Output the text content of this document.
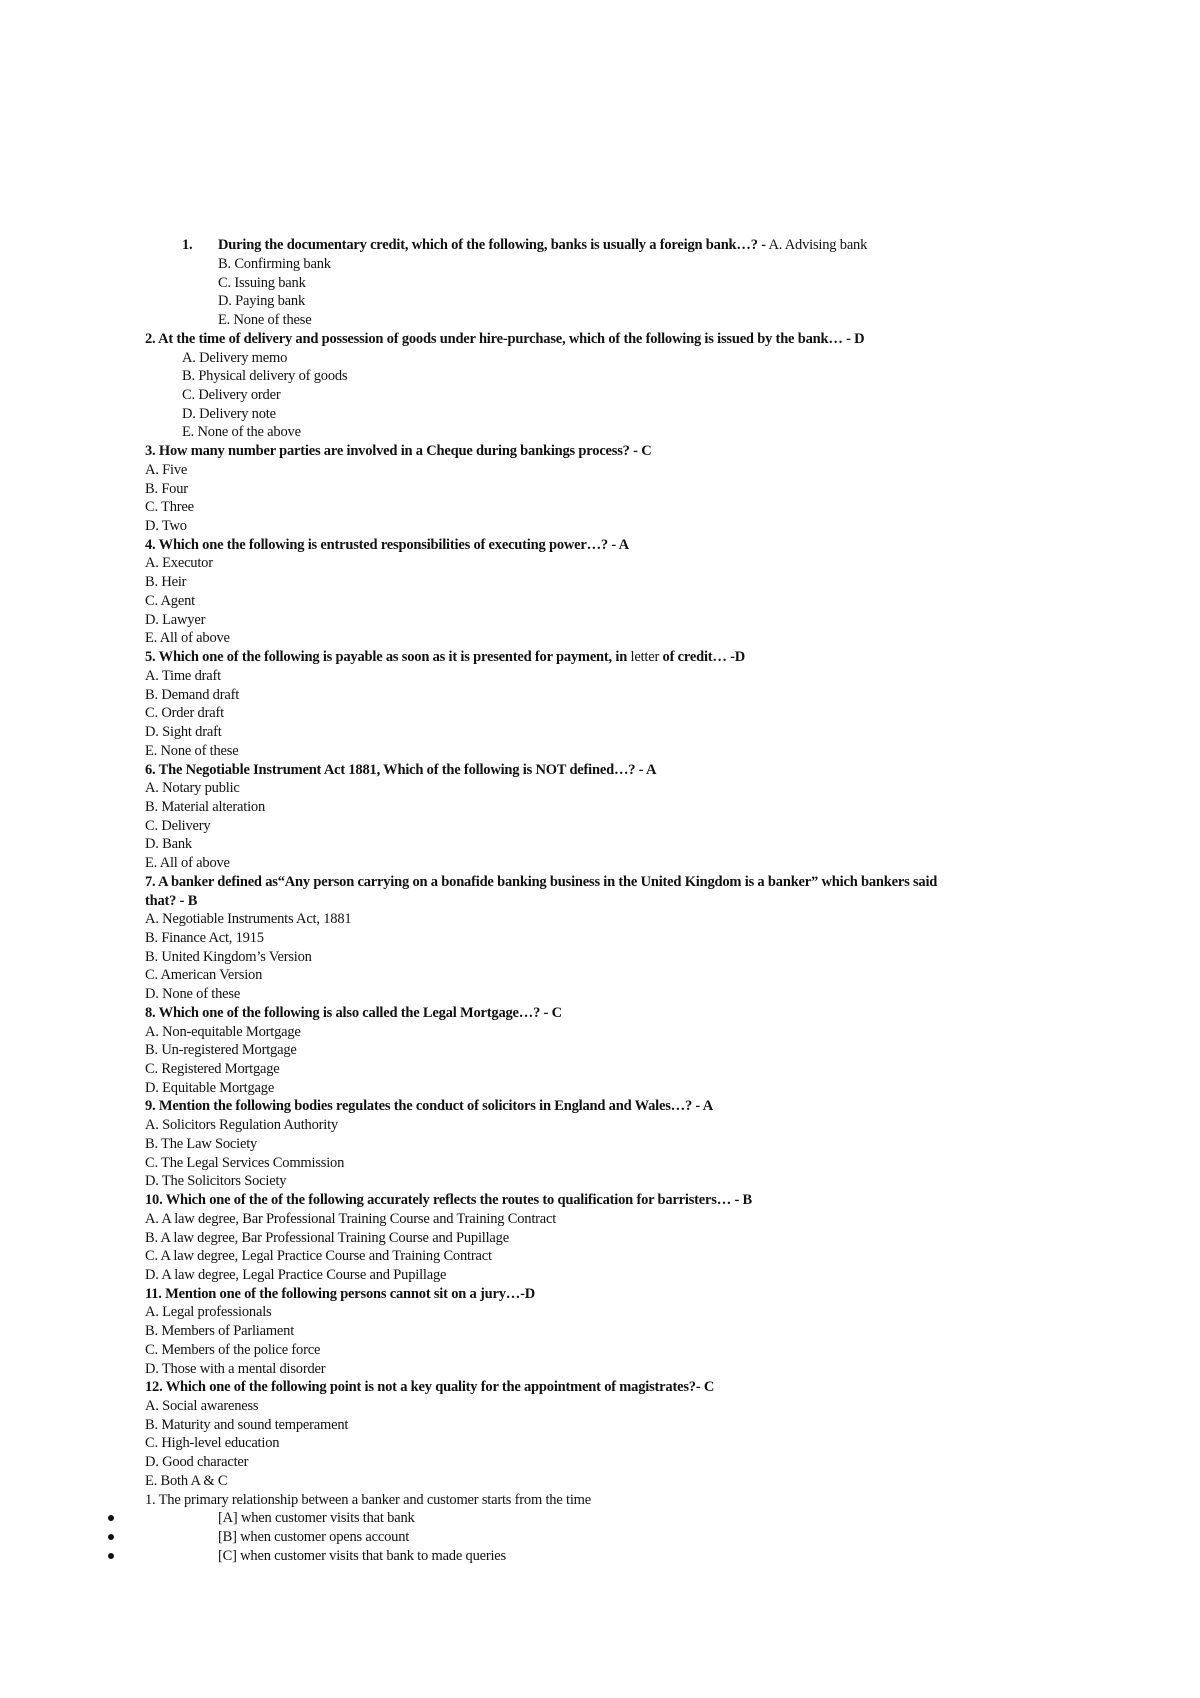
1. During the documentary credit, which of the following, banks is usually a foreign bank…? - A. Advising bank
B. Confirming bank
C. Issuing bank
D. Paying bank
E. None of these
2. At the time of delivery and possession of goods under hire-purchase, which of the following is issued by the bank… - D
A. Delivery memo
B. Physical delivery of goods
C. Delivery order
D. Delivery note
E. None of the above
3. How many number parties are involved in a Cheque during bankings process? - C
A. Five
B. Four
C. Three
D. Two
4. Which one the following is entrusted responsibilities of executing power…? - A
A. Executor
B. Heir
C. Agent
D. Lawyer
E. All of above
5. Which one of the following is payable as soon as it is presented for payment, in letter of credit… -D
A. Time draft
B. Demand draft
C. Order draft
D. Sight draft
E. None of these
6. The Negotiable Instrument Act 1881, Which of the following is NOT defined…? - A
A. Notary public
B. Material alteration
C. Delivery
D. Bank
E. All of above
7. A banker defined as“Any person carrying on a bonafide banking business in the United Kingdom is a banker” which bankers said
that? - B
A. Negotiable Instruments Act, 1881
B. Finance Act, 1915
B. United Kingdom’s Version
C. American Version
D. None of these
8. Which one of the following is also called the Legal Mortgage…? - C
A. Non-equitable Mortgage
B. Un-registered Mortgage
C. Registered Mortgage
D. Equitable Mortgage
9. Mention the following bodies regulates the conduct of solicitors in England and Wales…? - A
A. Solicitors Regulation Authority
B. The Law Society
C. The Legal Services Commission
D. The Solicitors Society
10. Which one of the of the following accurately reflects the routes to qualification for barristers… - B
A. A law degree, Bar Professional Training Course and Training Contract
B. A law degree, Bar Professional Training Course and Pupillage
C. A law degree, Legal Practice Course and Training Contract
D. A law degree, Legal Practice Course and Pupillage
11. Mention one of the following persons cannot sit on a jury…-D
A. Legal professionals
B. Members of Parliament
C. Members of the police force
D. Those with a mental disorder
12. Which one of the following point is not a key quality for the appointment of magistrates?- C
A. Social awareness
B. Maturity and sound temperament
C. High-level education
D. Good character
E. Both A & C
1. The primary relationship between a banker and customer starts from the time
[A] when customer visits that bank
[B] when customer opens account
[C] when customer visits that bank to made queries
